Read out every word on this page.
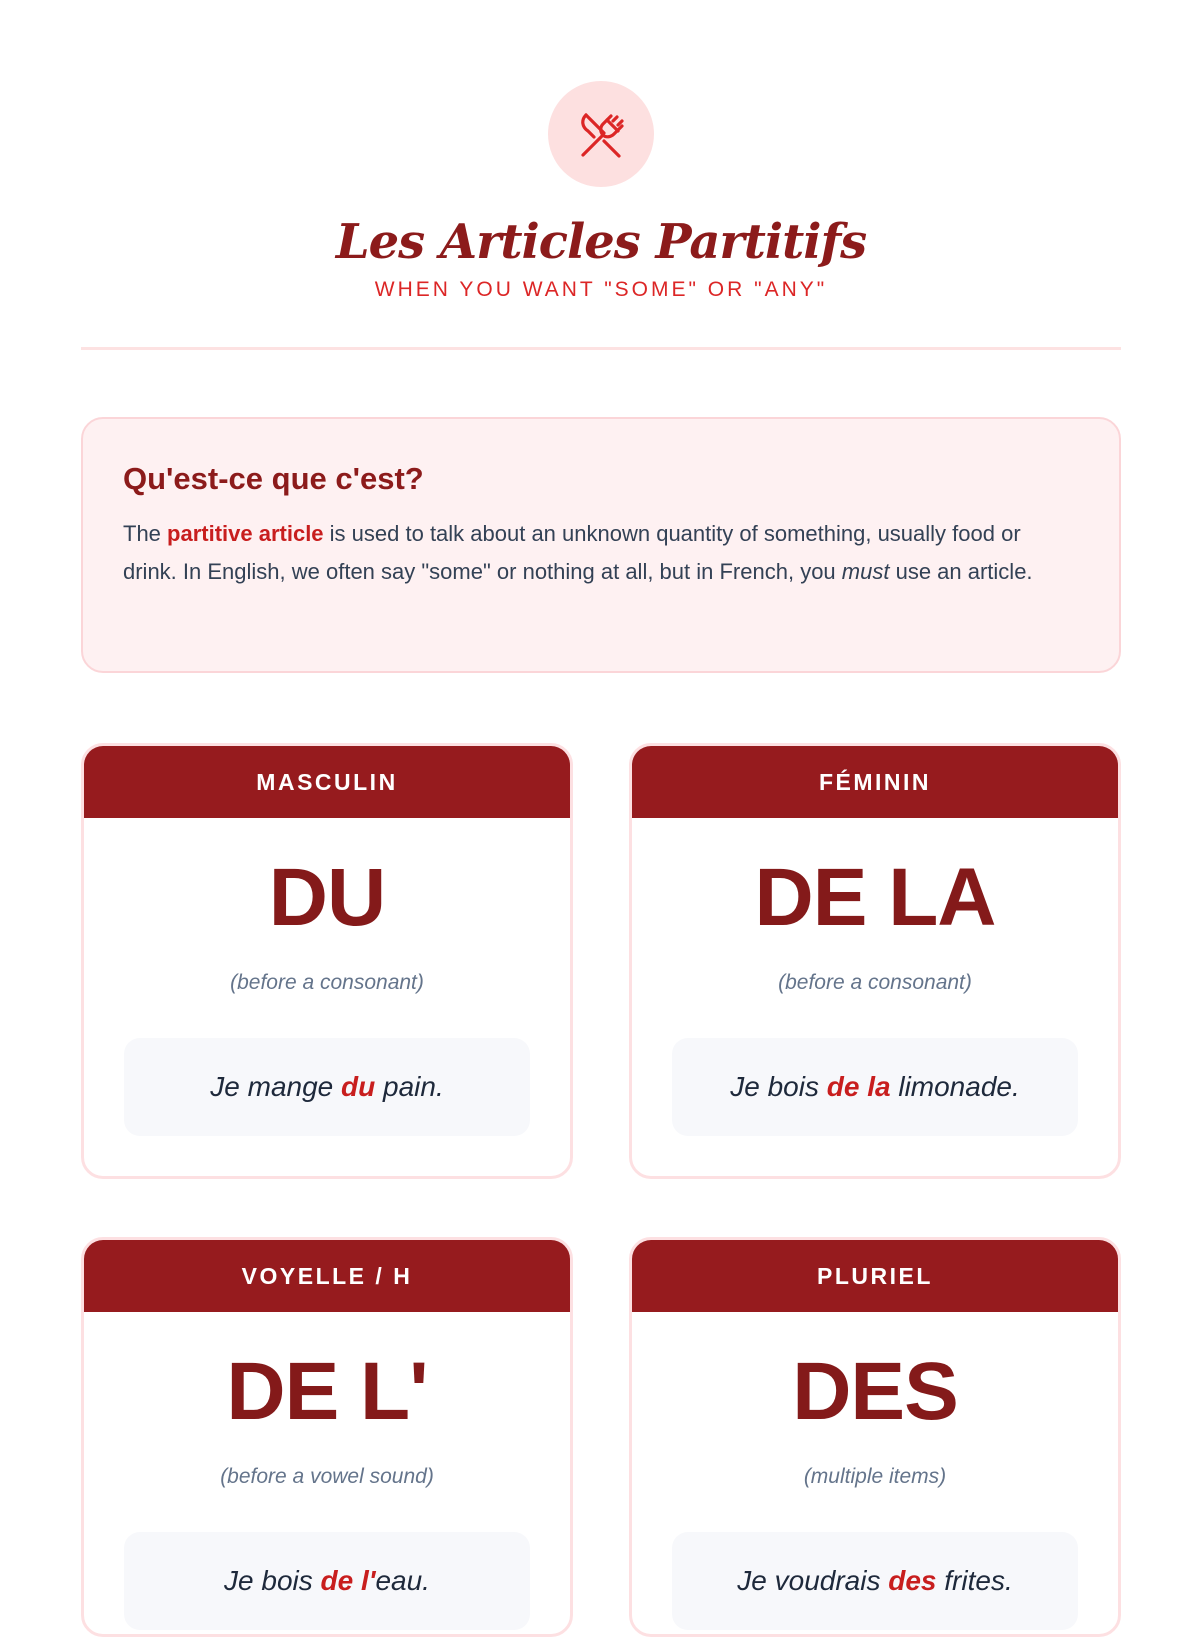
Les Articles Partitifs
WHEN YOU WANT "SOME" OR "ANY"
Qu'est-ce que c'est?

The partitive article is used to talk about an unknown quantity of something, usually food or drink. In English, we often say "some" or nothing at all, but in French, you must use an article.

MASCULIN
DU
(before a consonant)
Je mange du pain.
FÉMININ
DE LA
(before a consonant)
Je bois de la limonade.
VOYELLE / H
DE L'
(before a vowel sound)
Je bois de l' eau.
PLURIEL
DES
(multiple items)
Je voudrais des frites.
